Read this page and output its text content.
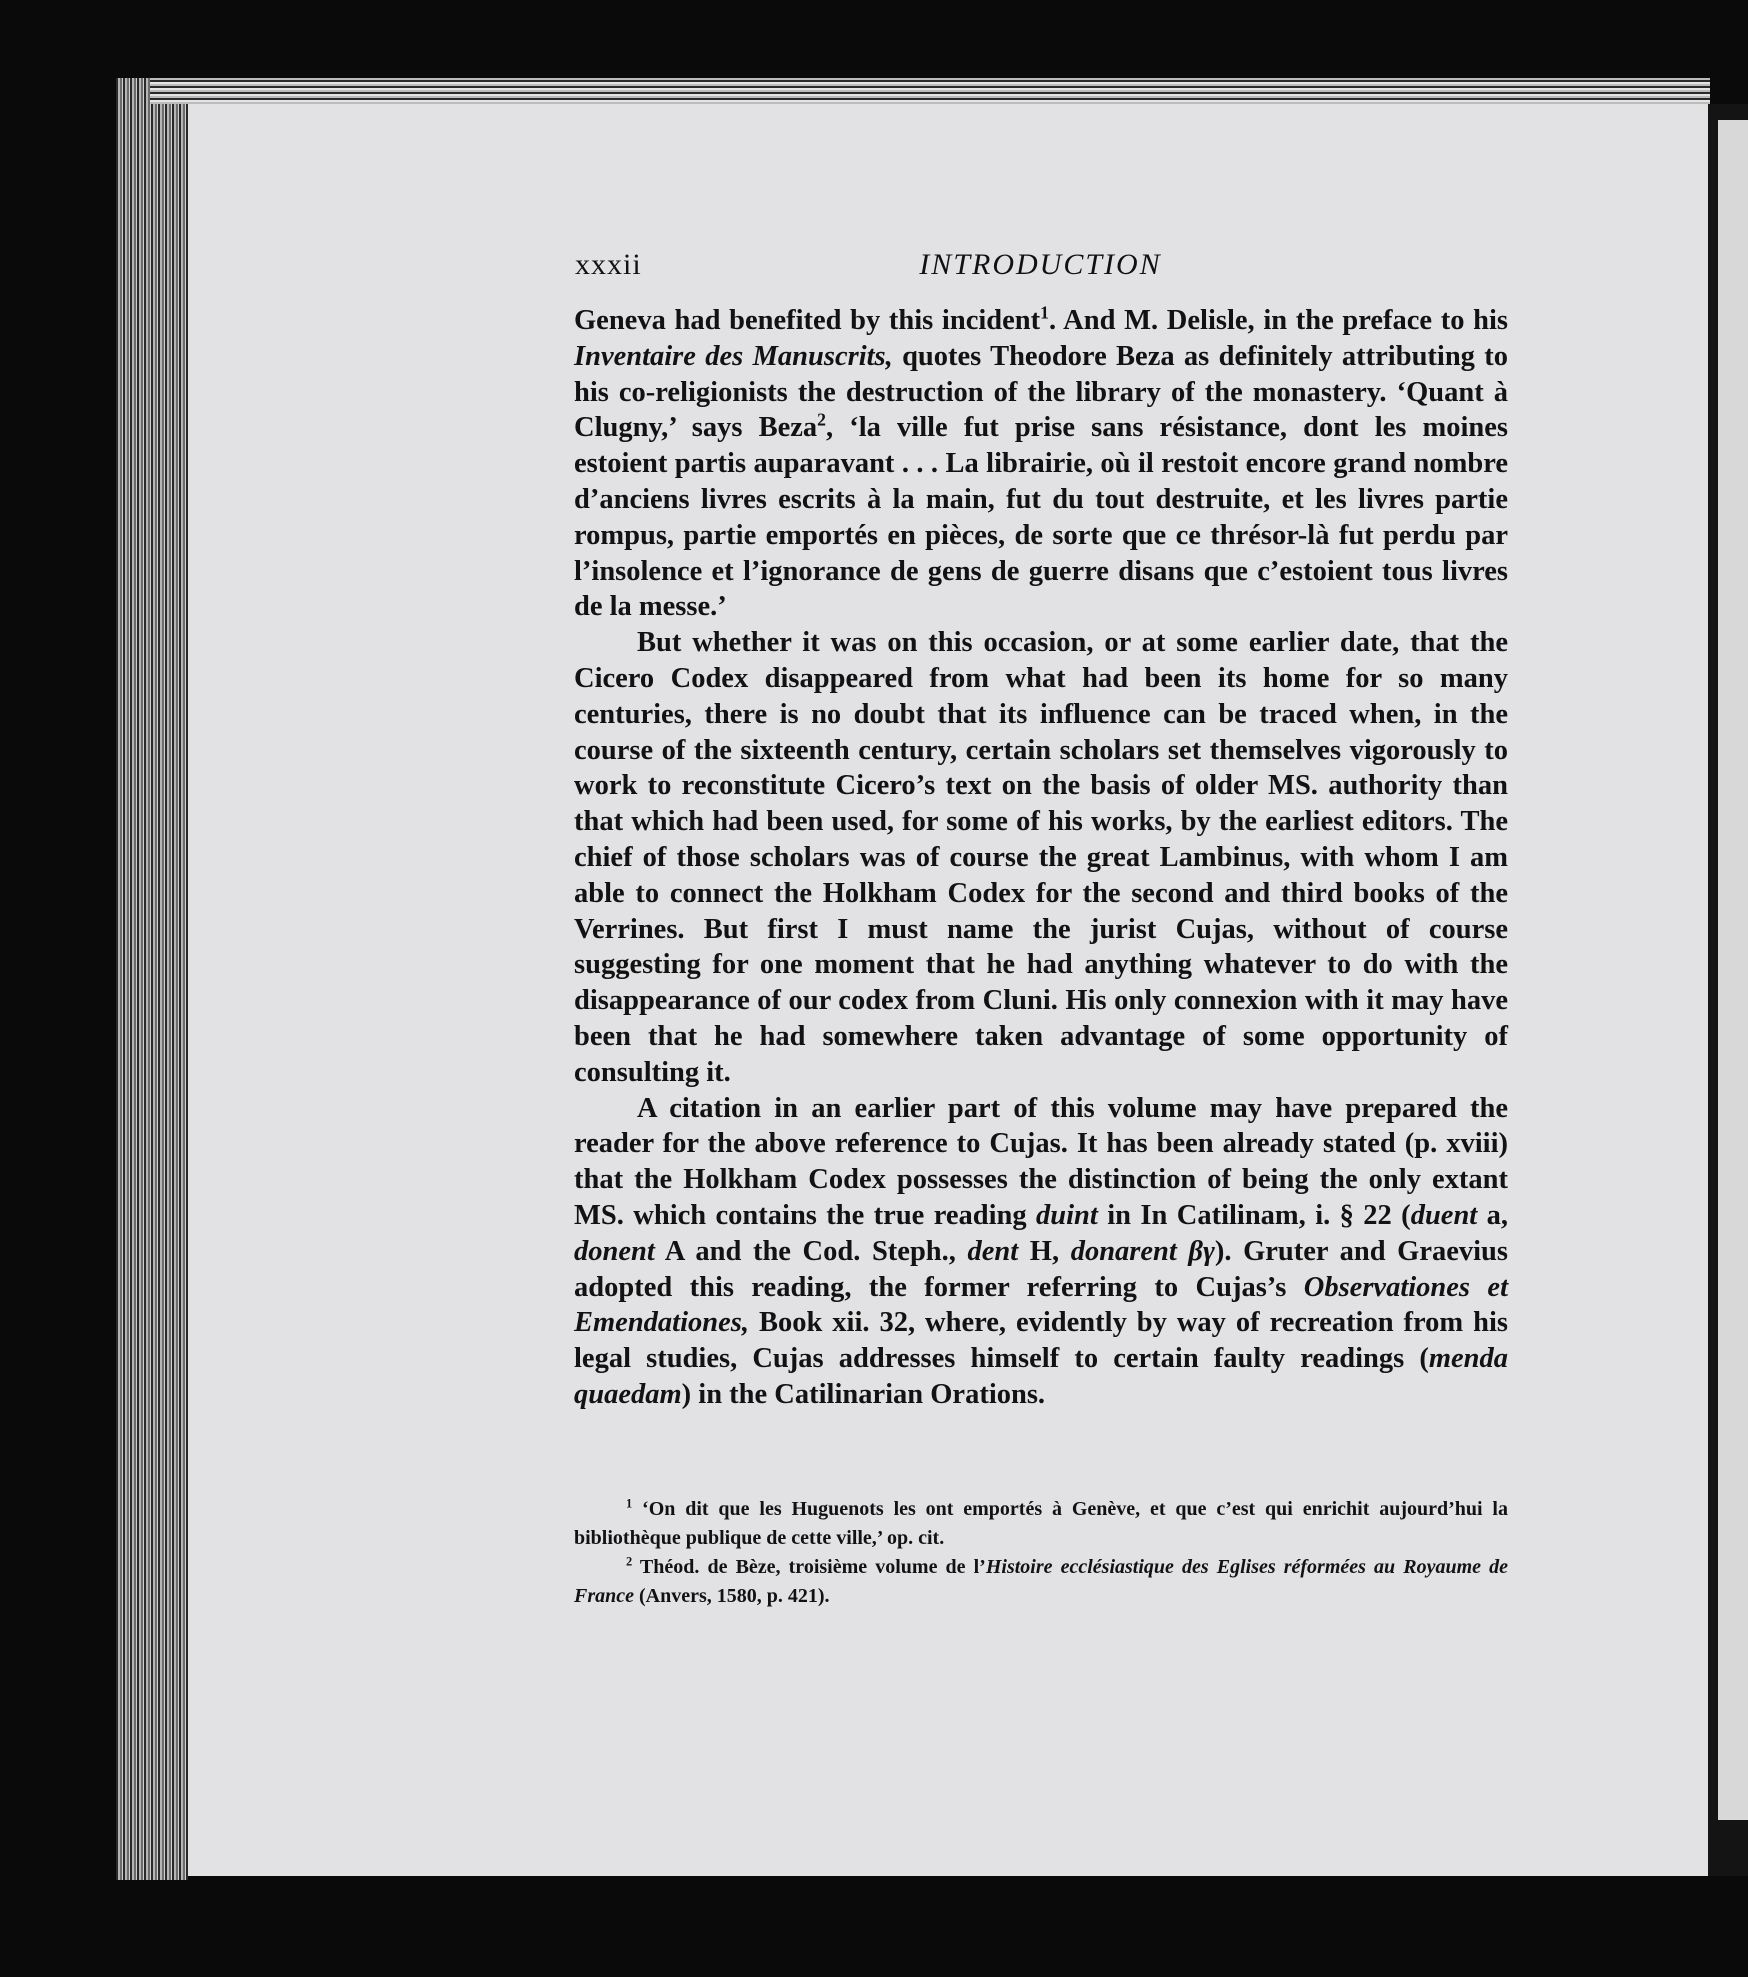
xxxii	INTRODUCTION

Geneva had benefited by this incident$^1$. And M. Delisle, in the preface to his Inventaire des Manuscrits, quotes Theodore Beza as definitely attributing to his co-religionists the destruction of the library of the monastery. ‘Quant à Clugny,’ says Beza$^2$, ‘la ville fut prise sans résistance, dont les moines estoient partis auparavant . . . La librairie, où il restoit encore grand nombre d’anciens livres escrits à la main, fut du tout destruite, et les livres partie rompus, partie emportés en pièces, de sorte que ce thrésor-là fut perdu par l’insolence et l’ignorance de gens de guerre disans que c’estoient tous livres de la messe.’

But whether it was on this occasion, or at some earlier date, that the Cicero Codex disappeared from what had been its home for so many centuries, there is no doubt that its influence can be traced when, in the course of the sixteenth century, certain scholars set themselves vigorously to work to reconstitute Cicero’s text on the basis of older MS. authority than that which had been used, for some of his works, by the earliest editors. The chief of those scholars was of course the great Lambinus, with whom I am able to connect the Holkham Codex for the second and third books of the Verrines. But first I must name the jurist Cujas, without of course suggesting for one moment that he had anything whatever to do with the disappearance of our codex from Cluni. His only connexion with it may have been that he had somewhere taken advantage of some opportunity of consulting it.

A citation in an earlier part of this volume may have prepared the reader for the above reference to Cujas. It has been already stated (p. xviii) that the Holkham Codex possesses the distinction of being the only extant MS. which contains the true reading duint in In Catilinam, i. § 22 (duent a, donent A and the Cod. Steph., dent H, donarent βγ). Gruter and Graevius adopted this reading, the former referring to Cujas’s Observationes et Emendationes, Book xii. 32, where, evidently by way of recreation from his legal studies, Cujas addresses himself to certain faulty readings (menda quaedam) in the Catilinarian Orations.

$^1$ ‘On dit que les Huguenots les ont emportés à Genève, et que c’est qui enrichit aujourd’hui la bibliothèque publique de cette ville,’ op. cit.

$^2$ Théod. de Bèze, troisième volume de l’Histoire ecclésiastique des Eglises réformées au Royaume de France (Anvers, 1580, p. 421).
